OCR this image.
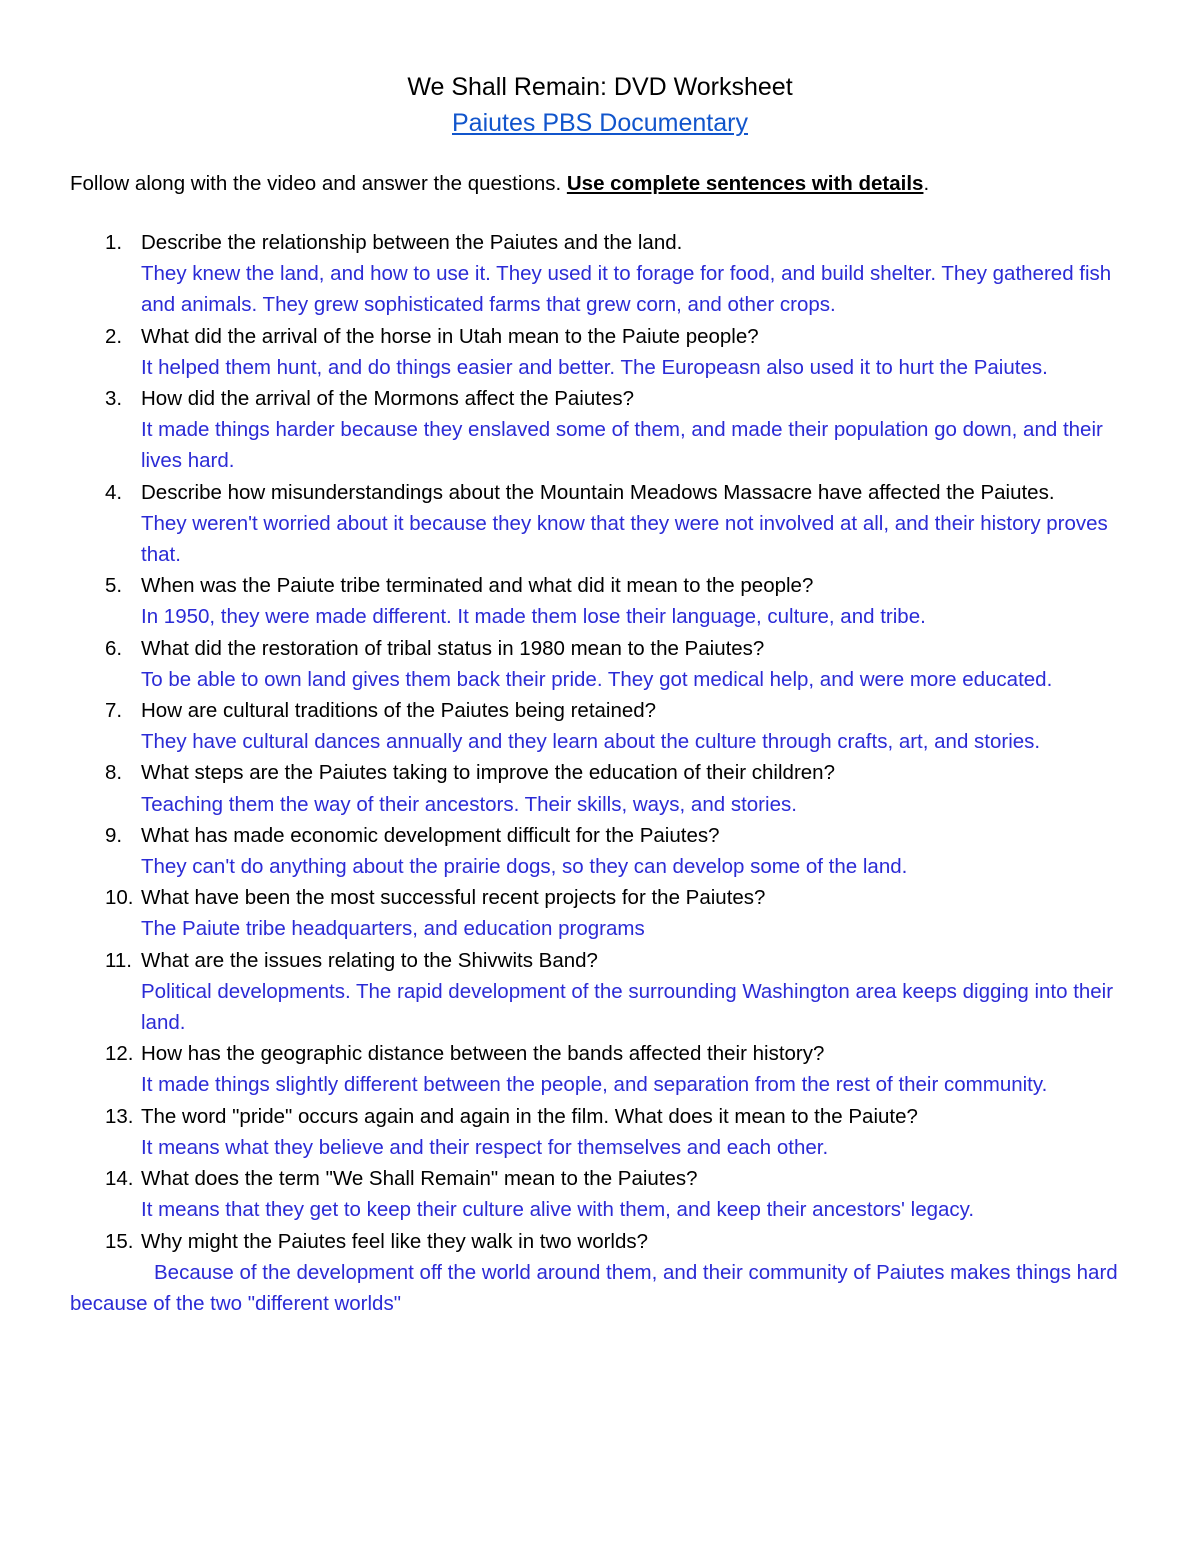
We Shall Remain: DVD Worksheet

Paiutes PBS Documentary

Follow along with the video and answer the questions. Use complete sentences with details.

1. Describe the relationship between the Paiutes and the land.
They knew the land, and how to use it. They used it to forage for food, and build shelter. They gathered fish and animals. They grew sophisticated farms that grew corn, and other crops.
2. What did the arrival of the horse in Utah mean to the Paiute people?
It helped them hunt, and do things easier and better. The Europeasn also used it to hurt the Paiutes.
3. How did the arrival of the Mormons affect the Paiutes?
It made things harder because they enslaved some of them, and made their population go down, and their lives hard.
4. Describe how misunderstandings about the Mountain Meadows Massacre have affected the Paiutes.
They weren't worried about it because they know that they were not involved at all, and their history proves that.
5. When was the Paiute tribe terminated and what did it mean to the people?
In 1950, they were made different. It made them lose their language, culture, and tribe.
6. What did the restoration of tribal status in 1980 mean to the Paiutes?
To be able to own land gives them back their pride. They got medical help, and were more educated.
7. How are cultural traditions of the Paiutes being retained?
They have cultural dances annually and they learn about the culture through crafts, art, and stories.
8. What steps are the Paiutes taking to improve the education of their children?
Teaching them the way of their ancestors. Their skills, ways, and stories.
9. What has made economic development difficult for the Paiutes?
They can't do anything about the prairie dogs, so they can develop some of the land.
10. What have been the most successful recent projects for the Paiutes?
The Paiute tribe headquarters, and education programs
11. What are the issues relating to the Shivwits Band?
Political developments. The rapid development of the surrounding Washington area keeps digging into their land.
12. How has the geographic distance between the bands affected their history?
It made things slightly different between the people, and separation from the rest of their community.
13. The word "pride" occurs again and again in the film. What does it mean to the Paiute?
It means what they believe and their respect for themselves and each other.
14. What does the term "We Shall Remain" mean to the Paiutes?
It means that they get to keep their culture alive with them, and keep their ancestors' legacy.
15. Why might the Paiutes feel like they walk in two worlds?

Because of the development off the world around them, and their community of Paiutes makes things hard because of the two "different worlds"
